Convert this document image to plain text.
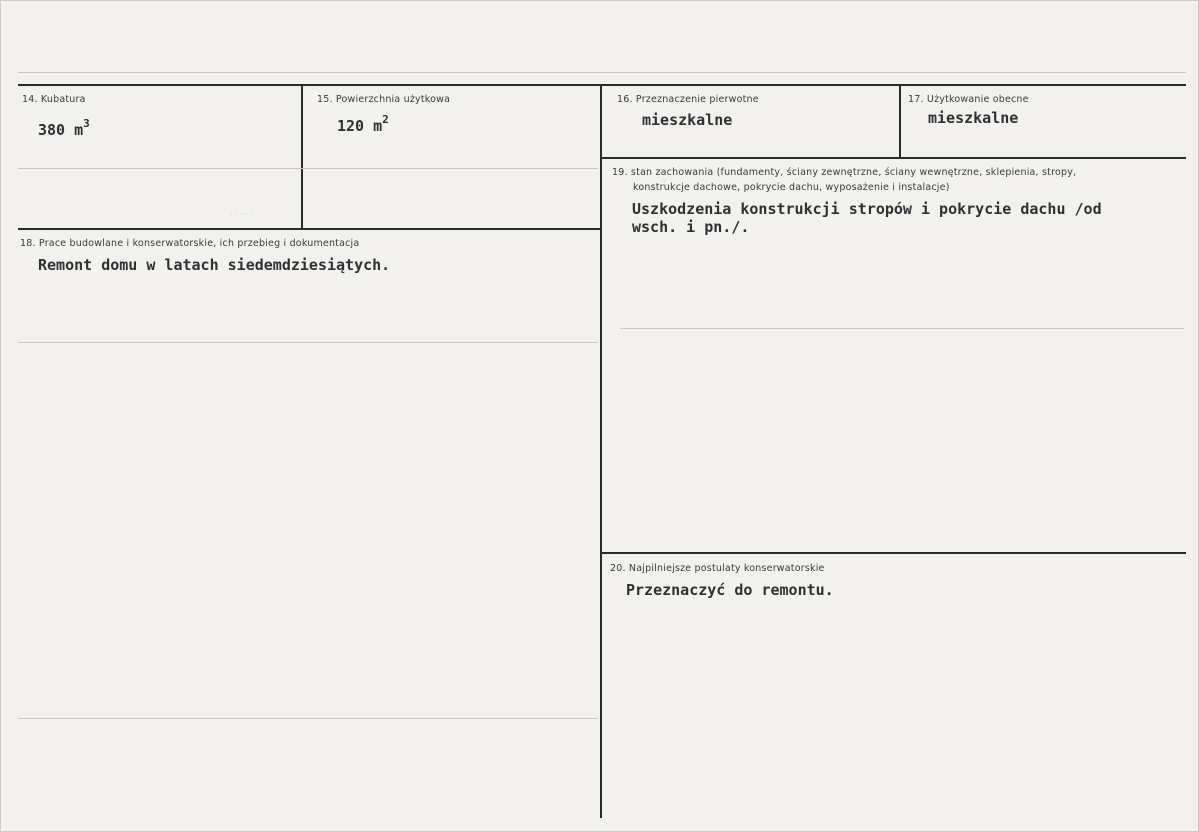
· · · · ·
14. Kubatura
380 $m^3$
15. Powierzchnia użytkowa
120 $m^2$
16. Przeznaczenie pierwotne
mieszkalne
17. Użytkowanie obecne
mieszkalne
18. Prace budowlane i konserwatorskie, ich przebieg i dokumentacja
Remont domu w latach siedemdziesiątych.
19. stan zachowania (fundamenty, ściany zewnętrzne, ściany wewnętrzne, sklepienia, stropy,
konstrukcje dachowe, pokrycie dachu, wyposażenie i instalacje)
Uszkodzenia konstrukcji stropów i pokrycie dachu /od
wsch. i pn./.
20. Najpilniejsze postulaty konserwatorskie
Przeznaczyć do remontu.
